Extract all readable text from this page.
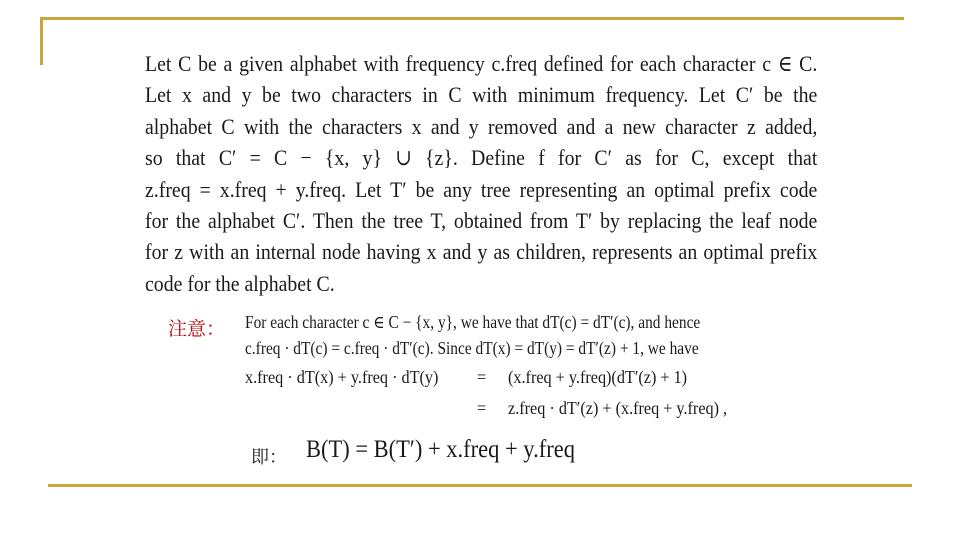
Let C be a given alphabet with frequency c.freq defined for each character c ∈ C.
Let x and y be two characters in C with minimum frequency. Let C′ be the
alphabet C with the characters x and y removed and a new character z added,
so that C′ = C − {x, y} ∪ {z}. Define f for C′ as for C, except that
z.freq = x.freq + y.freq. Let T′ be any tree representing an optimal prefix code
for the alphabet C′. Then the tree T, obtained from T′ by replacing the leaf node
for z with an internal node having x and y as children, represents an optimal prefix
code for the alphabet C.
注意： For each character c ∈ C − {x, y}, we have that dT(c) = dT′(c), and hence
c.freq · dT(c) = c.freq · dT′(c). Since dT(x) = dT(y) = dT′(z) + 1, we have
x.freq · dT(x) + y.freq · dT(y) = (x.freq + y.freq)(dT′(z) + 1)
= z.freq · dT′(z) + (x.freq + y.freq) ,
即： B(T) = B(T′) + x.freq + y.freq
